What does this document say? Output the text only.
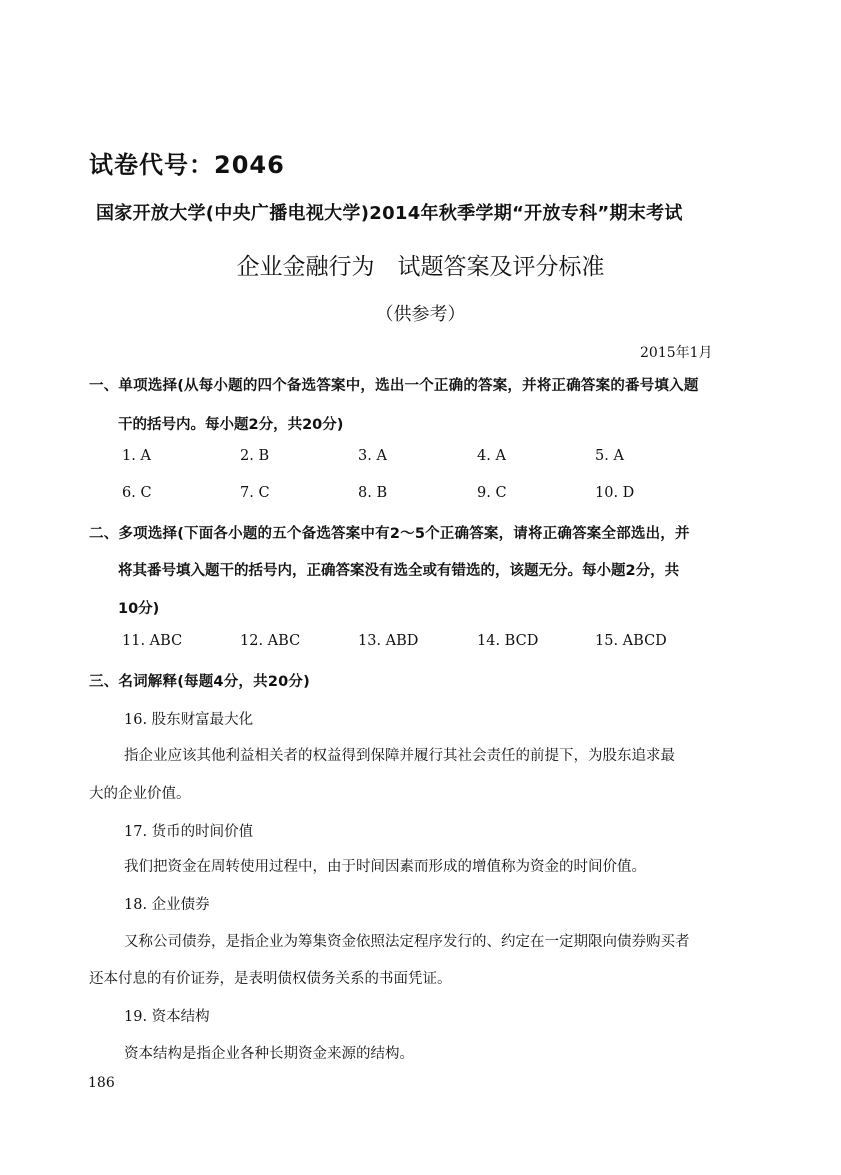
试卷代号：2046
国家开放大学(中央广播电视大学)2014年秋季学期“开放专科”期末考试
企业金融行为　试题答案及评分标准
（供参考）
2015年1月
一、单项选择(从每小题的四个备选答案中，选出一个正确的答案，并将正确答案的番号填入题
干的括号内。每小题2分，共20分)
1. A	2. B	3. A	4. A	5. A
6. C	7. C	8. B	9. C	10. D
二、多项选择(下面各小题的五个备选答案中有2～5个正确答案，请将正确答案全部选出，并
将其番号填入题干的括号内，正确答案没有选全或有错选的，该题无分。每小题2分，共
10分)
11. ABC	12. ABC	13. ABD	14. BCD	15. ABCD
三、名词解释(每题4分，共20分)
16. 股东财富最大化
指企业应该其他利益相关者的权益得到保障并履行其社会责任的前提下，为股东追求最
大的企业价值。
17. 货币的时间价值
我们把资金在周转使用过程中，由于时间因素而形成的增值称为资金的时间价值。
18. 企业债券
又称公司债券，是指企业为筹集资金依照法定程序发行的、约定在一定期限向债券购买者
还本付息的有价证券，是表明债权债务关系的书面凭证。
19. 资本结构
资本结构是指企业各种长期资金来源的结构。
186
